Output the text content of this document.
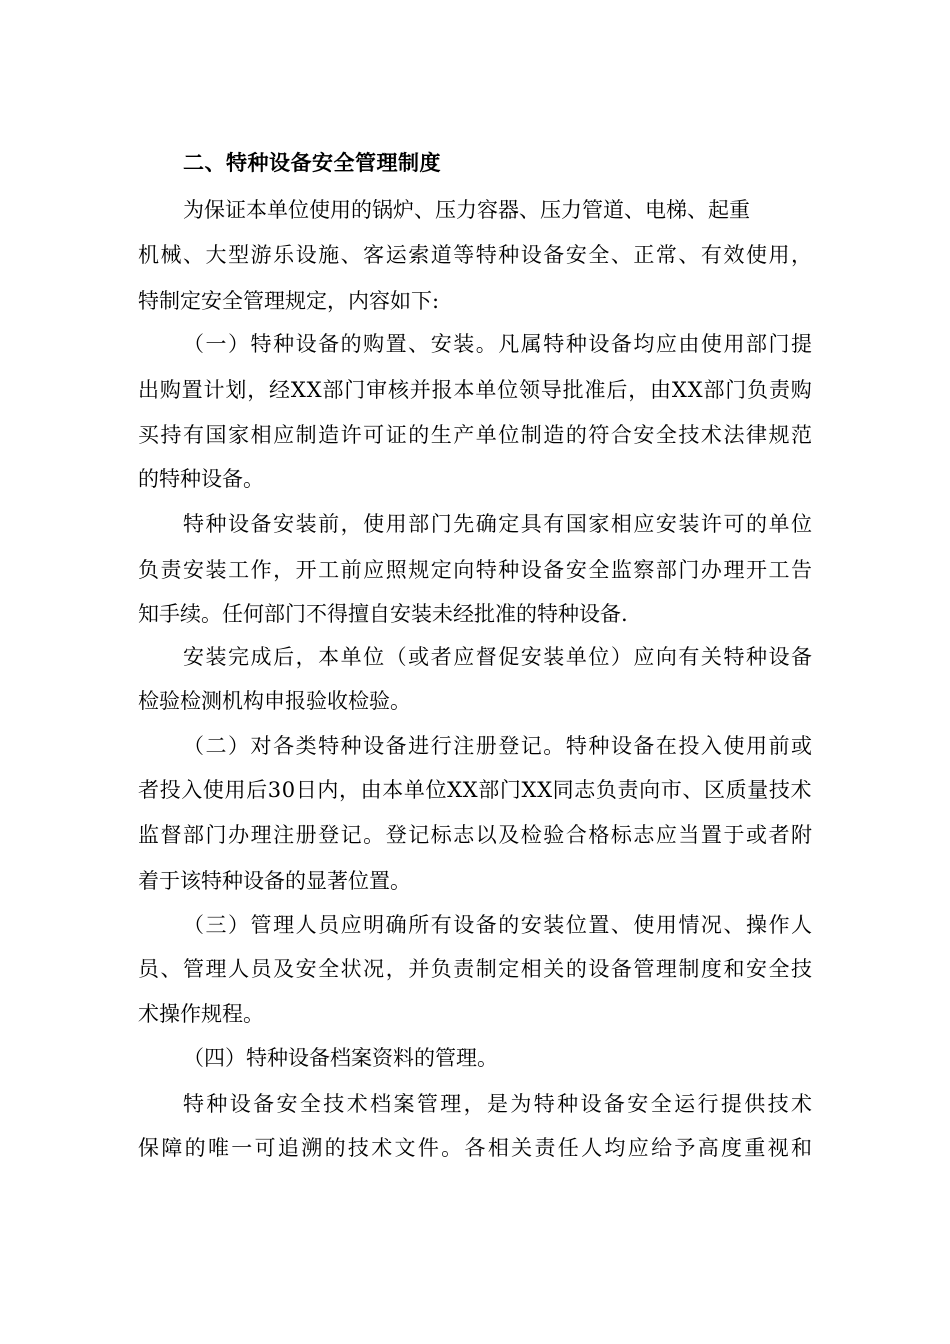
二、特种设备安全管理制度
为保证本单位使用的锅炉、压力容器、压力管道、电梯、起重
机械、大型游乐设施、客运索道等特种设备安全、正常、有效使用，
特制定安全管理规定，内容如下:
（一）特种设备的购置、安装。凡属特种设备均应由使用部门提
出购置计划，经XX部门审核并报本单位领导批准后，由XX部门负责购
买持有国家相应制造许可证的生产单位制造的符合安全技术法律规范
的特种设备。
特种设备安装前，使用部门先确定具有国家相应安装许可的单位
负责安装工作，开工前应照规定向特种设备安全监察部门办理开工告
知手续。任何部门不得擅自安装未经批准的特种设备.
安装完成后，本单位（或者应督促安装单位）应向有关特种设备
检验检测机构申报验收检验。
（二）对各类特种设备进行注册登记。特种设备在投入使用前或
者投入使用后30日内，由本单位XX部门XX同志负责向市、区质量技术
监督部门办理注册登记。登记标志以及检验合格标志应当置于或者附
着于该特种设备的显著位置。
（三）管理人员应明确所有设备的安装位置、使用情况、操作人
员、管理人员及安全状况，并负责制定相关的设备管理制度和安全技
术操作规程。
（四）特种设备档案资料的管理。
特种设备安全技术档案管理，是为特种设备安全运行提供技术
保障的唯一可追溯的技术文件。各相关责任人均应给予高度重视和
